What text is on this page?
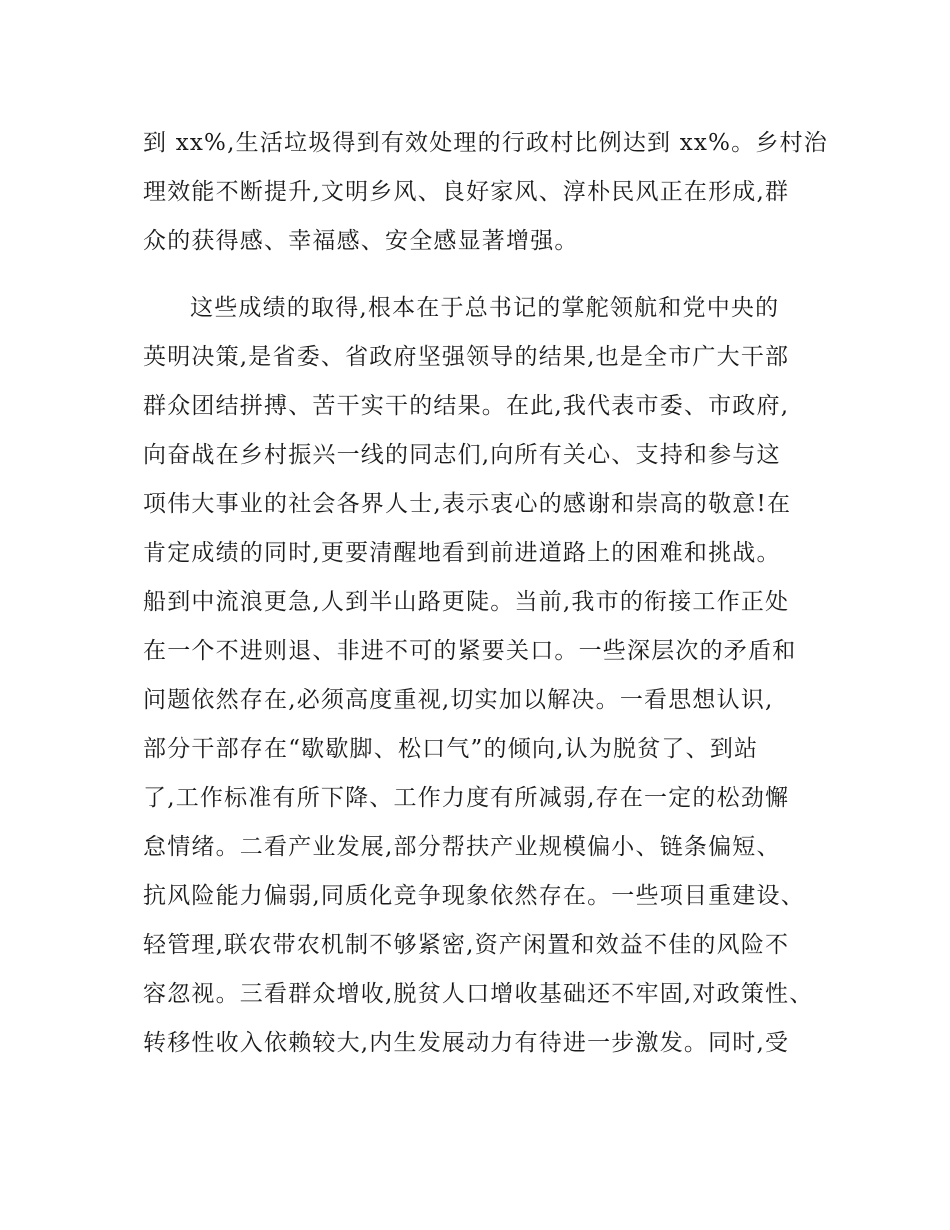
到 xx%,生活垃圾得到有效处理的行政村比例达到 xx%。乡村治
理效能不断提升,文明乡风、良好家风、淳朴民风正在形成,群
众的获得感、幸福感、安全感显著增强。
这些成绩的取得,根本在于总书记的掌舵领航和党中央的
英明决策,是省委、省政府坚强领导的结果,也是全市广大干部
群众团结拼搏、苦干实干的结果。在此,我代表市委、市政府,
向奋战在乡村振兴一线的同志们,向所有关心、支持和参与这
项伟大事业的社会各界人士,表示衷心的感谢和崇高的敬意!在
肯定成绩的同时,更要清醒地看到前进道路上的困难和挑战。
船到中流浪更急,人到半山路更陡。当前,我市的衔接工作正处
在一个不进则退、非进不可的紧要关口。一些深层次的矛盾和
问题依然存在,必须高度重视,切实加以解决。一看思想认识,
部分干部存在“歇歇脚、松口气”的倾向,认为脱贫了、到站
了,工作标准有所下降、工作力度有所减弱,存在一定的松劲懈
怠情绪。二看产业发展,部分帮扶产业规模偏小、链条偏短、
抗风险能力偏弱,同质化竞争现象依然存在。一些项目重建设、
轻管理,联农带农机制不够紧密,资产闲置和效益不佳的风险不
容忽视。三看群众增收,脱贫人口增收基础还不牢固,对政策性、
转移性收入依赖较大,内生发展动力有待进一步激发。同时,受
